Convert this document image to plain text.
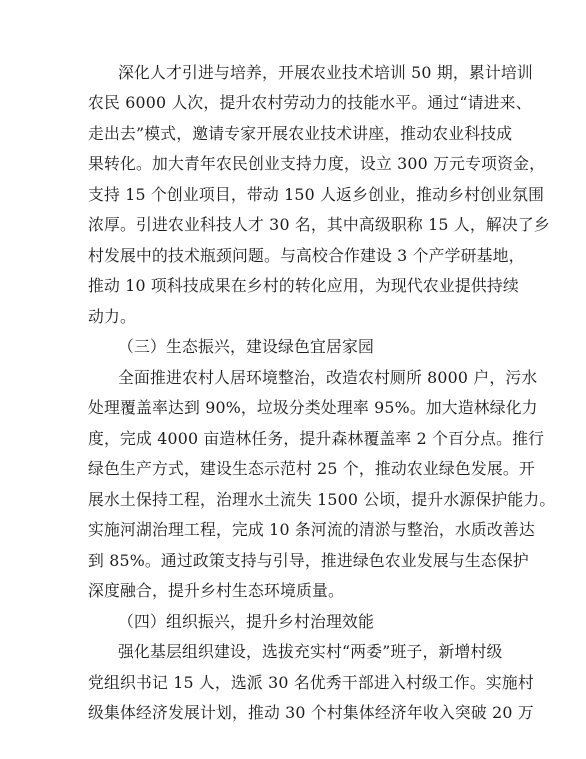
深化人才引进与培养，开展农业技术培训 50 期，累计培训
农民 6000 人次，提升农村劳动力的技能水平。通过“请进来、
走出去”模式，邀请专家开展农业技术讲座，推动农业科技成
果转化。加大青年农民创业支持力度，设立 300 万元专项资金，
支持 15 个创业项目，带动 150 人返乡创业，推动乡村创业氛围
浓厚。引进农业科技人才 30 名，其中高级职称 15 人，解决了乡
村发展中的技术瓶颈问题。与高校合作建设 3 个产学研基地，
推动 10 项科技成果在乡村的转化应用，为现代农业提供持续
动力。
（三）生态振兴，建设绿色宜居家园
全面推进农村人居环境整治，改造农村厕所 8000 户，污水
处理覆盖率达到 90%，垃圾分类处理率 95%。加大造林绿化力
度，完成 4000 亩造林任务，提升森林覆盖率 2 个百分点。推行
绿色生产方式，建设生态示范村 25 个，推动农业绿色发展。开
展水土保持工程，治理水土流失 1500 公顷，提升水源保护能力。
实施河湖治理工程，完成 10 条河流的清淤与整治，水质改善达
到 85%。通过政策支持与引导，推进绿色农业发展与生态保护
深度融合，提升乡村生态环境质量。
（四）组织振兴，提升乡村治理效能
强化基层组织建设，选拔充实村“两委”班子，新增村级
党组织书记 15 人，选派 30 名优秀干部进入村级工作。实施村
级集体经济发展计划，推动 30 个村集体经济年收入突破 20 万
